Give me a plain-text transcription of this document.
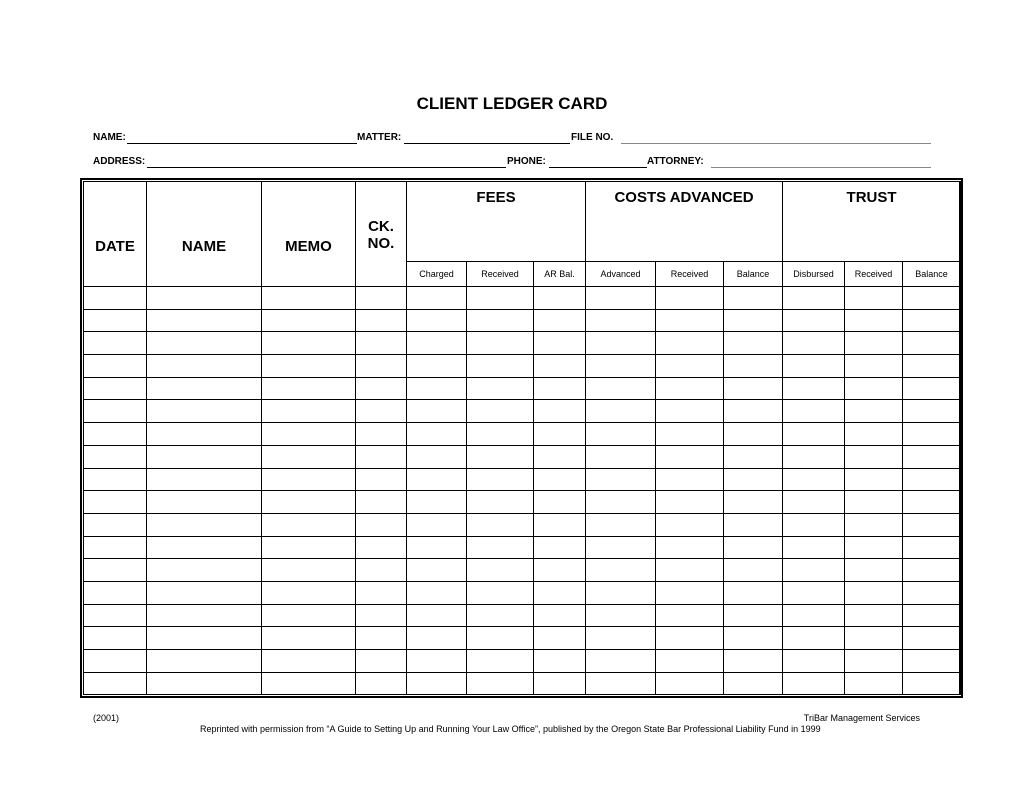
CLIENT LEDGER CARD
NAME:	MATTER:	FILE NO.
ADDRESS:	PHONE:	ATTORNEY:
DATE	NAME	MEMO	CK. NO.	FEES			COSTS ADVANCED			TRUST		
				Charged	Received	AR Bal.	Advanced	Received	Balance	Disbursed	Received	Balance

(2001)	TriBar Management Services
Reprinted with permission from “A Guide to Setting Up and Running Your Law Office”, published by the Oregon State Bar Professional Liability Fund in 1999
